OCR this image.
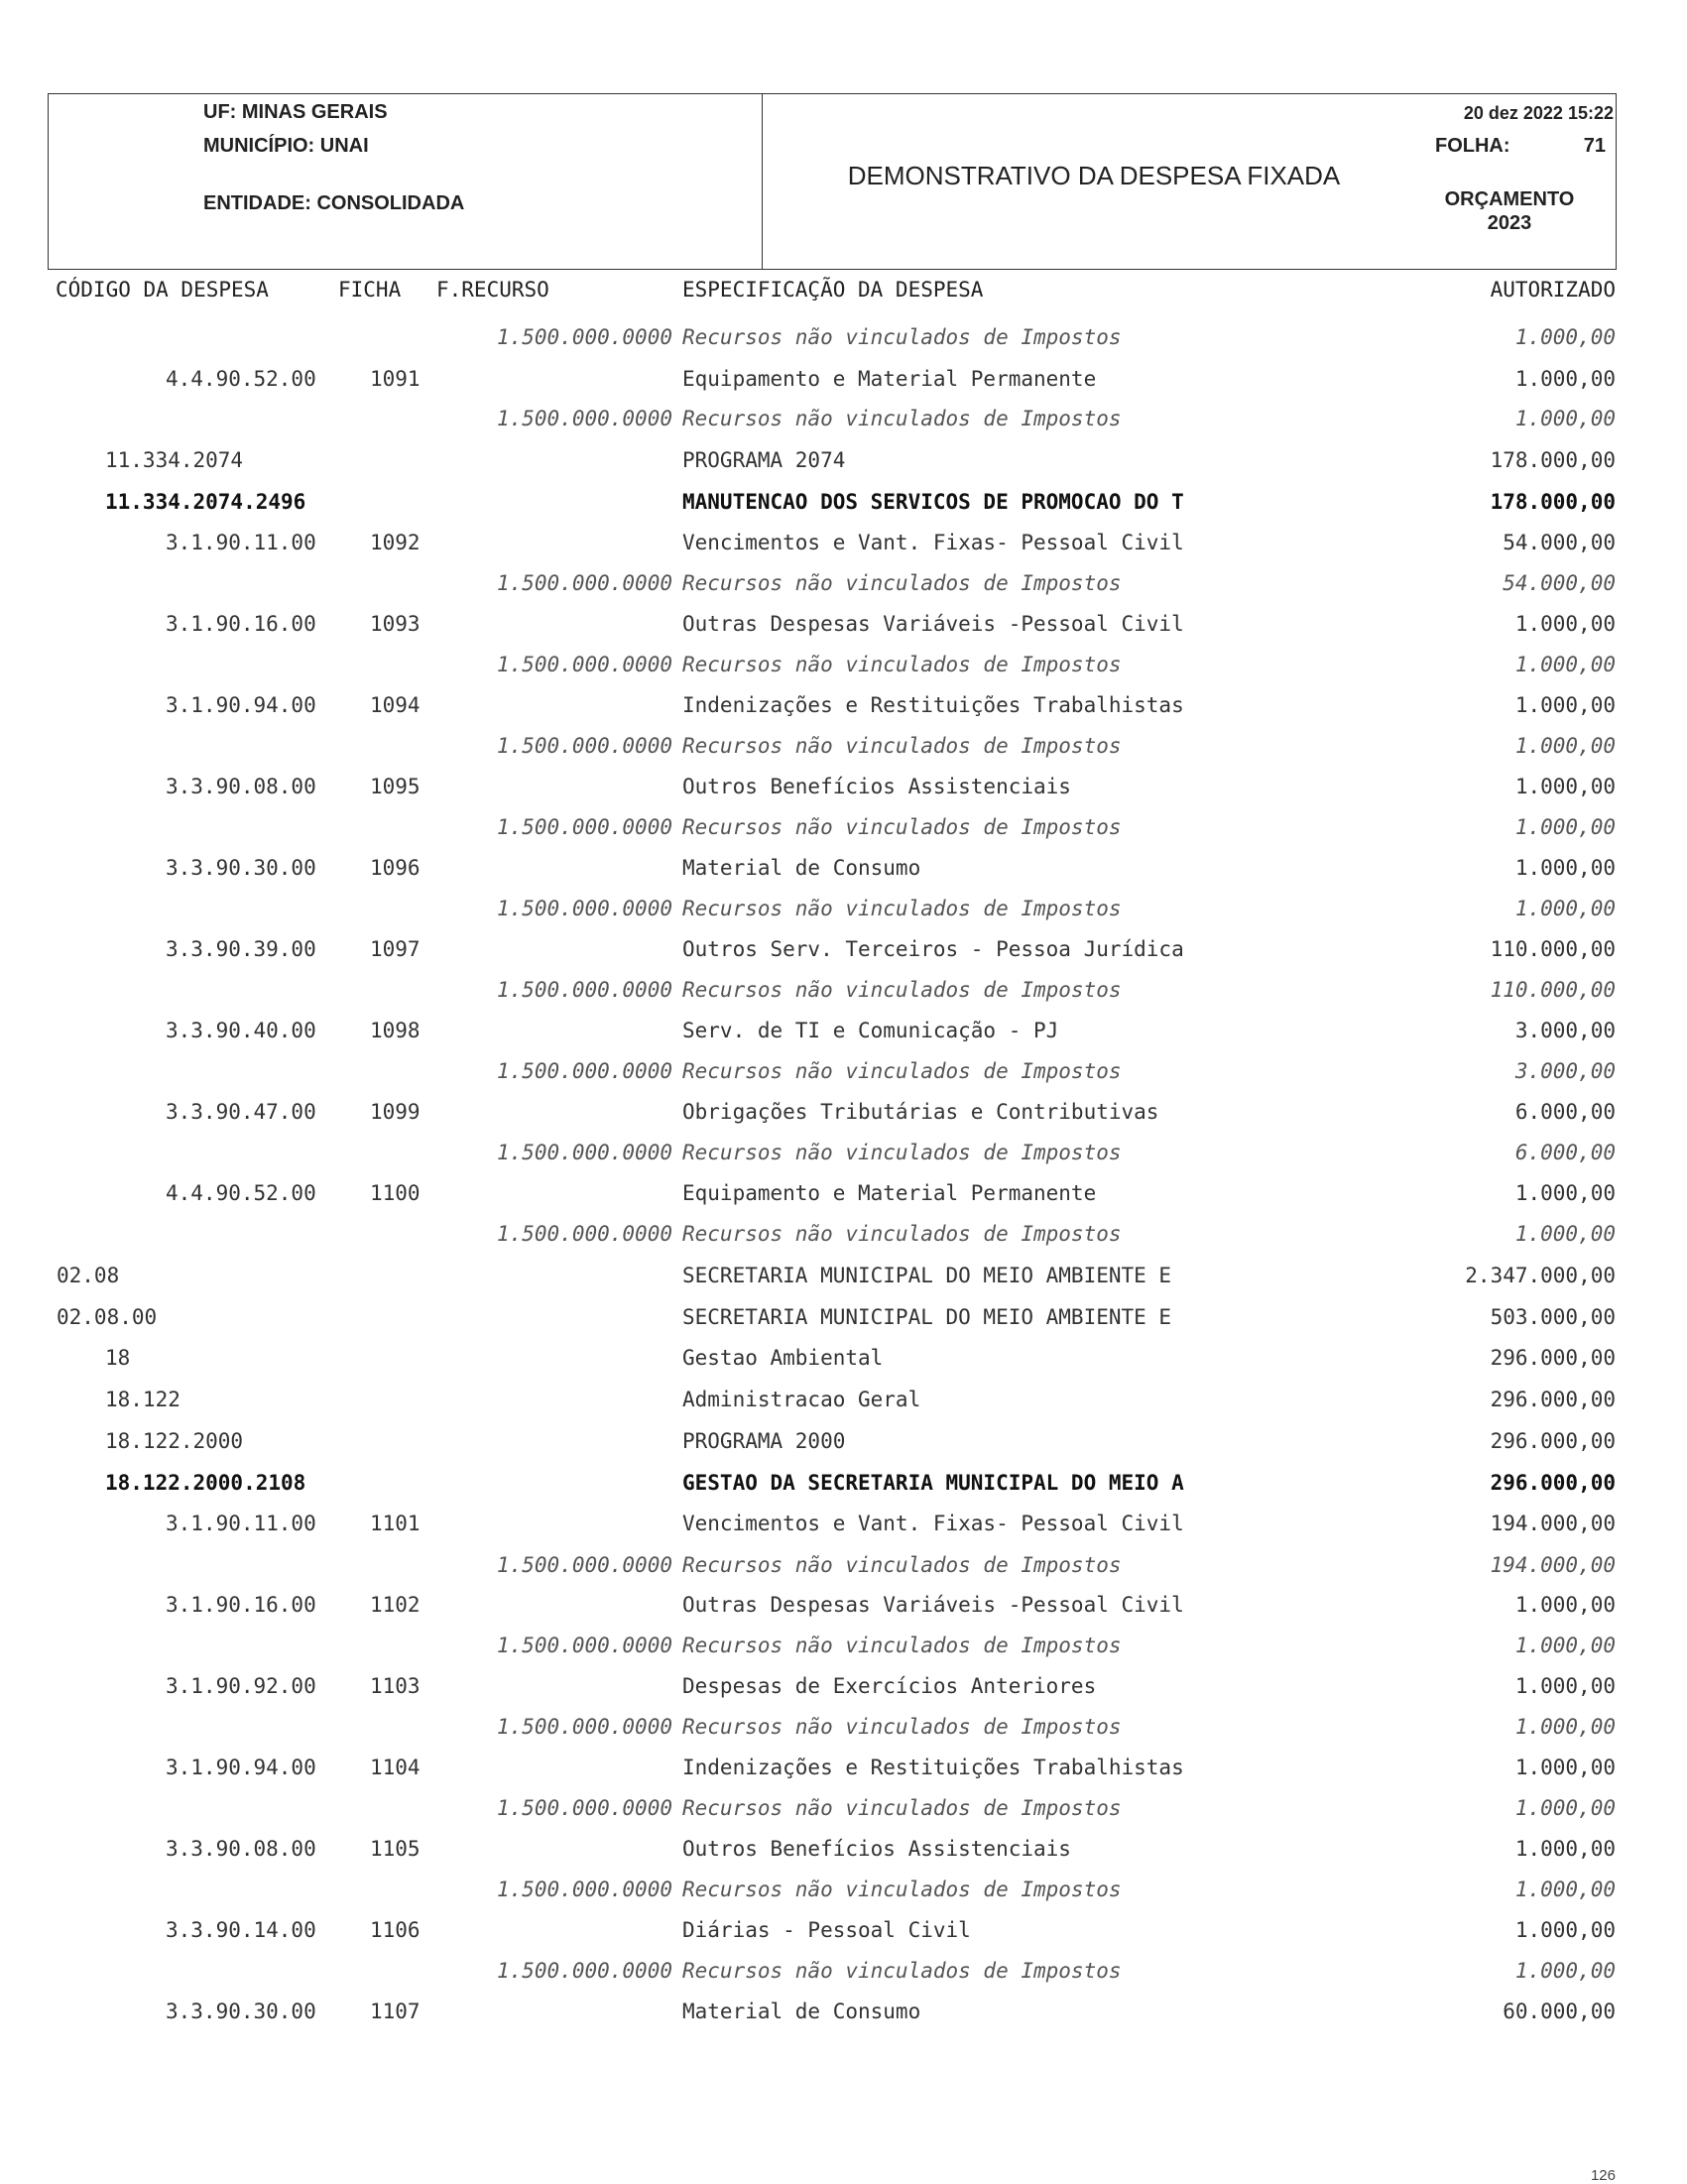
UF: MINAS GERAIS
MUNICÍPIO: UNAI
ENTIDADE: CONSOLIDADA
DEMONSTRATIVO DA DESPESA FIXADA
20 dez 2022 15:22
FOLHA:	71
ORÇAMENTO
2023
CÓDIGO DA DESPESA	FICHA F.RECURSO	ESPECIFICAÇÃO DA DESPESA	AUTORIZADO
1.500.000.0000 Recursos não vinculados de Impostos	1.000,00
4.4.90.52.00	1091	Equipamento e Material Permanente	1.000,00
1.500.000.0000 Recursos não vinculados de Impostos	1.000,00
11.334.2074	PROGRAMA 2074	178.000,00
11.334.2074.2496	MANUTENCAO DOS SERVICOS DE PROMOCAO DO T	178.000,00
3.1.90.11.00	1092	Vencimentos e Vant. Fixas- Pessoal Civil	54.000,00
1.500.000.0000 Recursos não vinculados de Impostos	54.000,00
3.1.90.16.00	1093	Outras Despesas Variáveis -Pessoal Civil	1.000,00
1.500.000.0000 Recursos não vinculados de Impostos	1.000,00
3.1.90.94.00	1094	Indenizações e Restituições Trabalhistas	1.000,00
1.500.000.0000 Recursos não vinculados de Impostos	1.000,00
3.3.90.08.00	1095	Outros Benefícios Assistenciais	1.000,00
1.500.000.0000 Recursos não vinculados de Impostos	1.000,00
3.3.90.30.00	1096	Material de Consumo	1.000,00
1.500.000.0000 Recursos não vinculados de Impostos	1.000,00
3.3.90.39.00	1097	Outros Serv. Terceiros - Pessoa Jurídica	110.000,00
1.500.000.0000 Recursos não vinculados de Impostos	110.000,00
3.3.90.40.00	1098	Serv. de TI e Comunicação - PJ	3.000,00
1.500.000.0000 Recursos não vinculados de Impostos	3.000,00
3.3.90.47.00	1099	Obrigações Tributárias e Contributivas	6.000,00
1.500.000.0000 Recursos não vinculados de Impostos	6.000,00
4.4.90.52.00	1100	Equipamento e Material Permanente	1.000,00
1.500.000.0000 Recursos não vinculados de Impostos	1.000,00
02.08	SECRETARIA MUNICIPAL DO MEIO AMBIENTE E	2.347.000,00
02.08.00	SECRETARIA MUNICIPAL DO MEIO AMBIENTE E	503.000,00
18	Gestao Ambiental	296.000,00
18.122	Administracao Geral	296.000,00
18.122.2000	PROGRAMA 2000	296.000,00
18.122.2000.2108	GESTAO DA SECRETARIA MUNICIPAL DO MEIO A	296.000,00
3.1.90.11.00	1101	Vencimentos e Vant. Fixas- Pessoal Civil	194.000,00
1.500.000.0000 Recursos não vinculados de Impostos	194.000,00
3.1.90.16.00	1102	Outras Despesas Variáveis -Pessoal Civil	1.000,00
1.500.000.0000 Recursos não vinculados de Impostos	1.000,00
3.1.90.92.00	1103	Despesas de Exercícios Anteriores	1.000,00
1.500.000.0000 Recursos não vinculados de Impostos	1.000,00
3.1.90.94.00	1104	Indenizações e Restituições Trabalhistas	1.000,00
1.500.000.0000 Recursos não vinculados de Impostos	1.000,00
3.3.90.08.00	1105	Outros Benefícios Assistenciais	1.000,00
1.500.000.0000 Recursos não vinculados de Impostos	1.000,00
3.3.90.14.00	1106	Diárias - Pessoal Civil	1.000,00
1.500.000.0000 Recursos não vinculados de Impostos	1.000,00
3.3.90.30.00	1107	Material de Consumo	60.000,00
126
